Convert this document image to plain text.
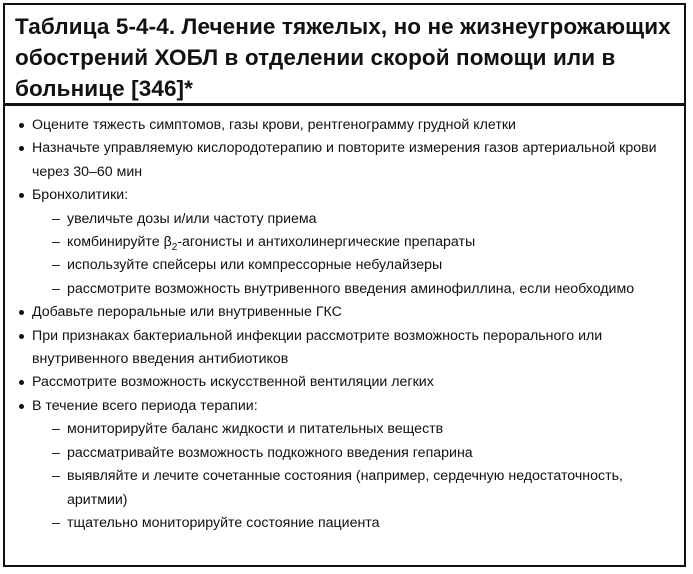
Таблица 5-4-4. Лечение тяжелых, но не жизнеугрожающих обострений ХОБЛ в отделении скорой помощи или в больнице [346]*
Оцените тяжесть симптомов, газы крови, рентгенограмму грудной клетки
Назначьте управляемую кислородотерапию и повторите измерения газов артериальной крови через 30–60 мин
Бронхолитики:
– увеличьте дозы и/или частоту приема
– комбинируйте $\beta_2$-агонисты и антихолинергические препараты
– используйте спейсеры или компрессорные небулайзеры
– рассмотрите возможность внутривенного введения аминофиллина, если необходимо
Добавьте пероральные или внутривенные ГКС
При признаках бактериальной инфекции рассмотрите возможность перорального или внутривенного введения антибиотиков
Рассмотрите возможность искусственной вентиляции легких
В течение всего периода терапии:
– мониторируйте баланс жидкости и питательных веществ
– рассматривайте возможность подкожного введения гепарина
– выявляйте и лечите сочетанные состояния (например, сердечную недостаточность, аритмии)
– тщательно мониторируйте состояние пациента
